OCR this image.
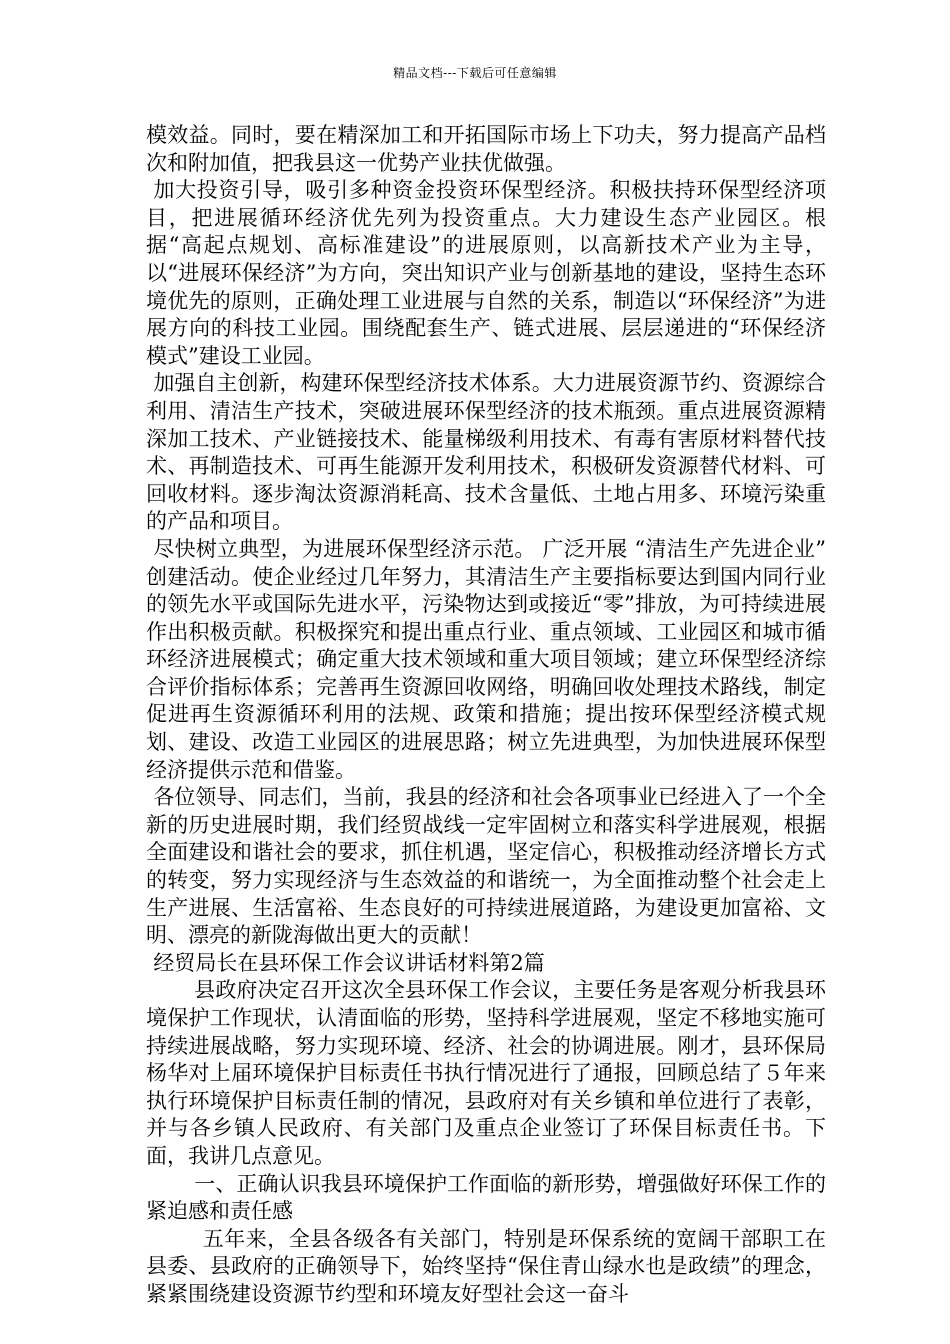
精品文档---下载后可任意编辑

模效益。同时，要在精深加工和开拓国际市场上下功夫，努力提高产品档次和附加值，把我县这一优势产业扶优做强。

加大投资引导，吸引多种资金投资环保型经济。积极扶持环保型经济项目，把进展循环经济优先列为投资重点。大力建设生态产业园区。根据“高起点规划、高标准建设”的进展原则，以高新技术产业为主导，以“进展环保经济”为方向，突出知识产业与创新基地的建设，坚持生态环境优先的原则，正确处理工业进展与自然的关系，制造以“环保经济”为进展方向的科技工业园。围绕配套生产、链式进展、层层递进的“环保经济模式”建设工业园。

加强自主创新，构建环保型经济技术体系。大力进展资源节约、资源综合利用、清洁生产技术，突破进展环保型经济的技术瓶颈。重点进展资源精深加工技术、产业链接技术、能量梯级利用技术、有毒有害原材料替代技术、再制造技术、可再生能源开发利用技术，积极研发资源替代材料、可回收材料。逐步淘汰资源消耗高、技术含量低、土地占用多、环境污染重的产品和项目。

尽快树立典型，为进展环保型经济示范。 广泛开展 “清洁生产先进企业” 创建活动。使企业经过几年努力，其清洁生产主要指标要达到国内同行业的领先水平或国际先进水平，污染物达到或接近“零”排放，为可持续进展作出积极贡献。积极探究和提出重点行业、重点领域、工业园区和城市循环经济进展模式；确定重大技术领域和重大项目领域；建立环保型经济综合评价指标体系；完善再生资源回收网络，明确回收处理技术路线，制定促进再生资源循环利用的法规、政策和措施；提出按环保型经济模式规划、建设、改造工业园区的进展思路；树立先进典型，为加快进展环保型经济提供示范和借鉴。

各位领导、同志们，当前，我县的经济和社会各项事业已经进入了一个全新的历史进展时期，我们经贸战线一定牢固树立和落实科学进展观，根据全面建设和谐社会的要求，抓住机遇，坚定信心，积极推动经济增长方式的转变，努力实现经济与生态效益的和谐统一，为全面推动整个社会走上生产进展、生活富裕、生态良好的可持续进展道路，为建设更加富裕、文明、漂亮的新陇海做出更大的贡献！

经贸局长在县环保工作会议讲话材料第2篇

县政府决定召开这次全县环保工作会议，主要任务是客观分析我县环境保护工作现状，认清面临的形势，坚持科学进展观，坚定不移地实施可持续进展战略，努力实现环境、经济、社会的协调进展。刚才，县环保局杨华对上届环境保护目标责任书执行情况进行了通报，回顾总结了５年来执行环境保护目标责任制的情况，县政府对有关乡镇和单位进行了表彰，并与各乡镇人民政府、有关部门及重点企业签订了环保目标责任书。下面，我讲几点意见。

一、正确认识我县环境保护工作面临的新形势，增强做好环保工作的紧迫感和责任感

五年来，全县各级各有关部门，特别是环保系统的宽阔干部职工在县委、县政府的正确领导下，始终坚持“保住青山绿水也是政绩”的理念，紧紧围绕建设资源节约型和环境友好型社会这一奋斗
